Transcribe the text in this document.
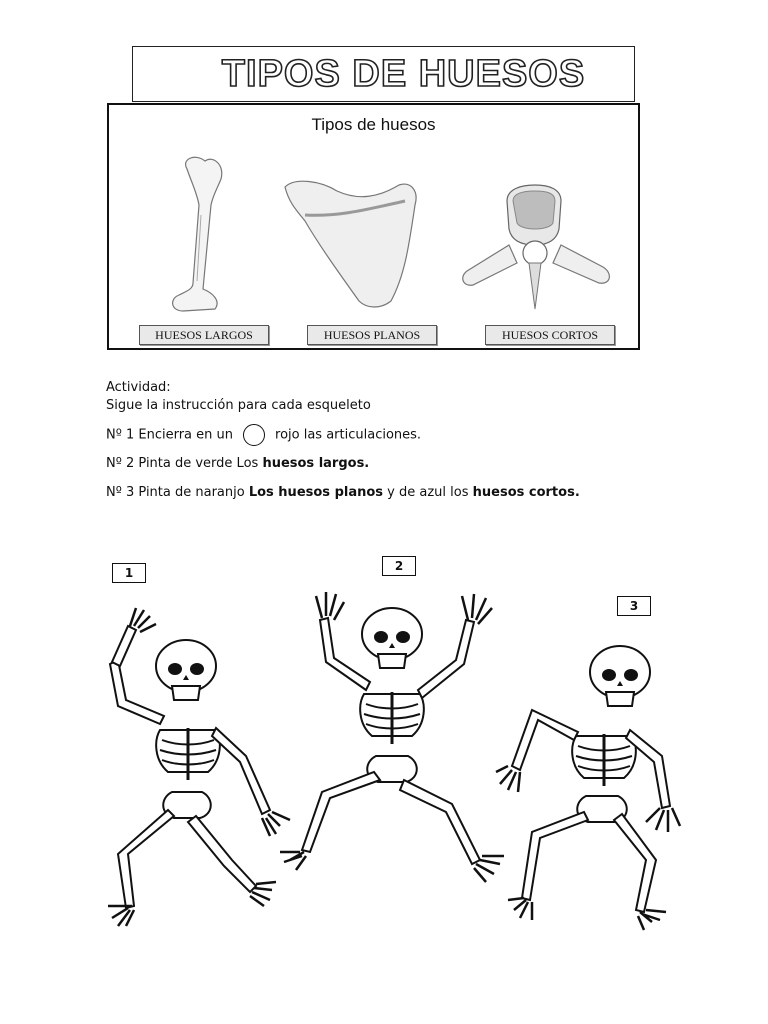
TIPOS DE HUESOS
Tipos de huesos
HUESOS LARGOS	HUESOS PLANOS	HUESOS CORTOS
Actividad:
Sigue la instrucción para cada esqueleto
Nº 1 Encierra en un	rojo las articulaciones.
Nº 2 Pinta de verde Los huesos largos.
Nº 3 Pinta de naranjo Los huesos planos y de azul los huesos cortos.
1	2
3
